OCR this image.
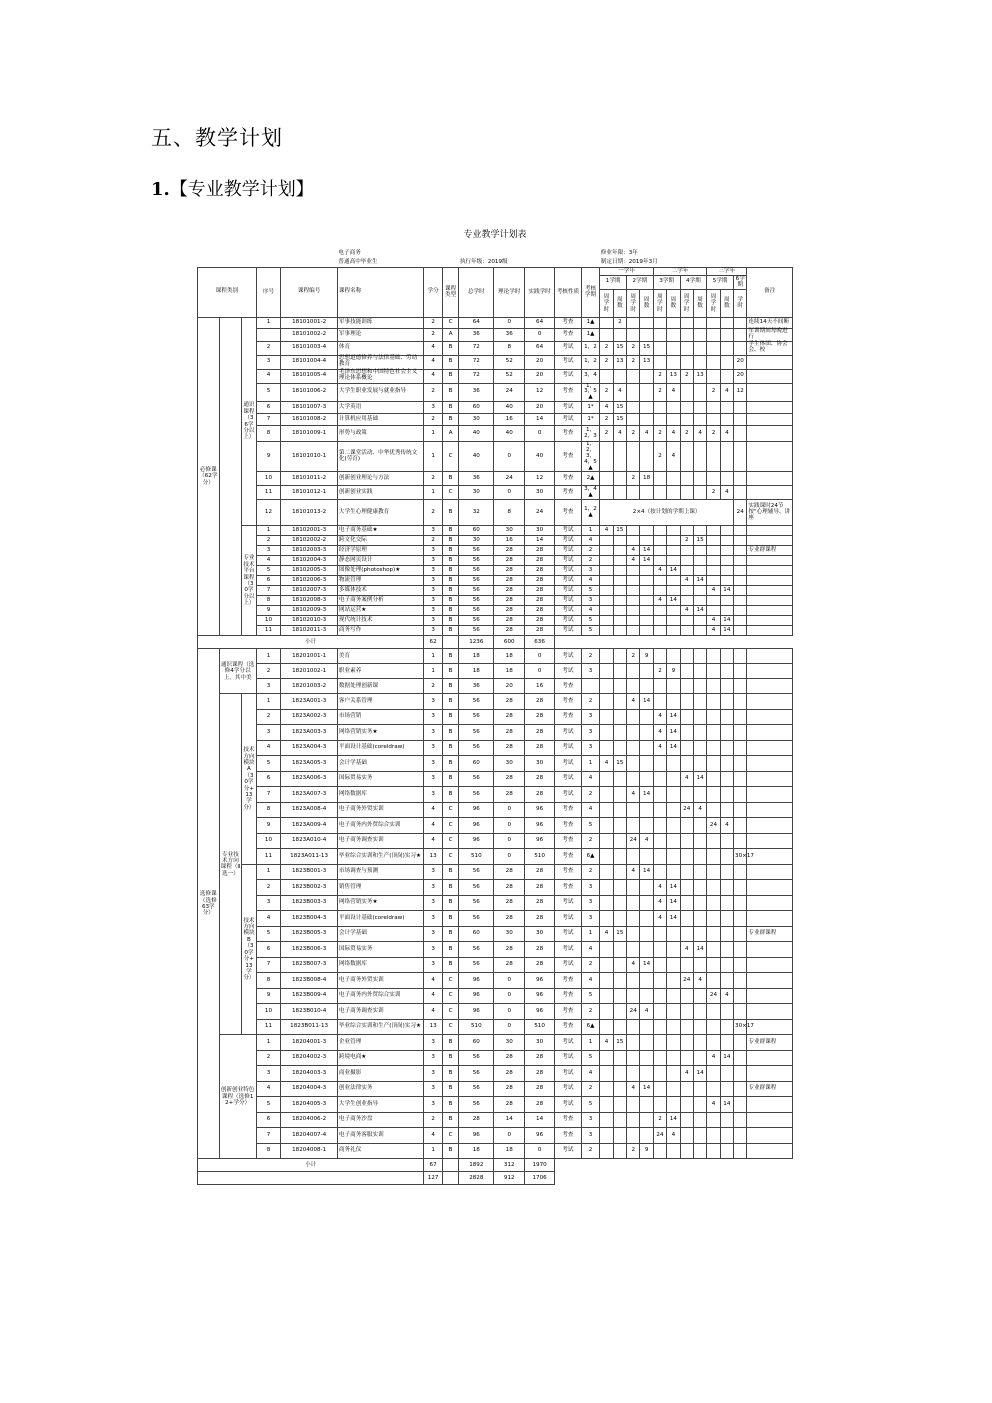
五、教学计划
1.【专业教学计划】
专业教学计划表																								
					电子商务								修业年限：3年											
					普通高中毕业生			执行年级：2019级					制定日期：2019年3月											
课程类别			序号	课程编号	课程名称	学分	课程类型	总学时	理论学时	实践学时	考核性质	考核学期	一学年				二学年				三学年			备注
													1学期		2学期		3学期		4学期		5学期		6学期	
													周学时	周数	周学时	周数	周学时	周数	周学时	周数	周学时	周数	学时	

必修课（62学分）		通识课程（36学分以上）	1	18101001-2	军事技能训练	2	C	64	0	64	考查	1▲		2										连续14天不间断
				18101002-2	军事理论	2	A	36	36	0	考查	1▲												军训期间每晚进行
			2	18101003-4	体育	4	B	72	8	64	考试	1，2	2	15	2	15								学生体团、协会会、校
			3	18101004-4	思想道德修养与法律基础、劳动教育	4	B	72	52	20	考试	1，2	2	13	2	13							20	
			4	18101005-4	毛泽东思想和中国特色社会主义理论体系概论	4	B	72	52	20	考试	3，4					2	13	2	13			20	
			5	18101006-2	大学生职业发展与就业指导	2	B	36	24	12	考查	1，3，5▲	2	4			2	4			2	4	12	
			6	18101007-3	大学英语	3	B	60	40	20	考试	1*	4	15										
			7	18101008-2	计算机应用基础	2	B	30	16	14	考试	1*	2	15										
			8	18101009-1	形势与政策	1	A	40	40	0	考查	1，2，3	2	4	2	4	2	4	2	4	2	4		
			9	18101010-1	第二课堂活动、中华优秀传统文化(劳育)	1	C	40	0	40	考查	1，2，3，4，5▲					2	4						
			10	18101011-2	创新创业理论与方法	2	B	36	24	12	考查	2▲			2	18								
			11	18101012-1	创新创业实践	1	C	30	0	30	考查	3，4▲									2	4		
			12	18101013-2	大学生心理健康教育	2	B	32	8	24	考查	1，2▲	2×4（按计划的学期上课）										24	实践课时24节按"心理辅导、讲座
		专业技术平台课程（30学分以上）	1	18102001-3	电子商务基础★	3	B	60	30	30	考试	1	4	15										
			2	18102002-2	跨文化交际	2	B	30	16	14	考试	4							2	15				
			3	18102003-3	经济学原理	3	B	56	28	28	考试	2			4	14								专业群课程
			4	18102004-3	静态网页设计	3	B	56	28	28	考试	2			4	14								
			5	18102005-3	图像处理(photoshop)★	3	B	56	28	28	考试	3					4	14						
			6	18102006-3	物流管理	3	B	56	28	28	考试	4							4	14				
			7	18102007-3	多媒体技术	3	B	56	28	28	考试	5									4	14		
			8	18102008-3	电子商务案例分析	3	B	56	28	28	考试	3					4	14						
			9	18102009-3	网站运营★	3	B	56	28	28	考试	4							4	14				
			10	18102010-3	现代统计技术	3	B	56	28	28	考试	5									4	14		
			11	18102011-3	商务写作	3	B	56	28	28	考试	5									4	14		
小计						62		1236	600	636														
选修课（选修63学分）	通识课程（选修4学分以上，其中美		1	18201001-1	美育	1	B	18	18	0	考试	2			2	9								
			2	18201002-1	职业素养	1	B	18	18	0	考试	3					2	9						
			3	18201003-2	数据处理创新课	2	B	36	20	16	考查													
	专业技术方向课程（Ⅱ选一）	技术方向模块A（30学分+13学分）	1	1823A001-3	客户关系管理	3	B	56	28	28	考查	2			4	14								
			2	1823A002-3	市场营销	3	B	56	28	28	考查	3					4	14						
			3	1823A003-3	网络营销实务★	3	B	56	28	28	考试	3					4	14						
			4	1823A004-3	平面设计基础(coreldraw)	3	B	56	28	28	考试	3					4	14						
			5	1823A005-3	会计学基础	3	B	60	30	30	考试	1	4	15										
			6	1823A006-3	国际贸易实务	3	B	56	28	28	考试	4							4	14				
			7	1823A007-3	网络数据库	3	B	56	28	28	考试	2			4	14								
			8	1823A008-4	电子商务外贸实训	4	C	96	0	96	考查	4							24	4				
			9	1823A009-4	电子商务内外贸综合实训	4	C	96	0	96	考查	5									24	4		
			10	1823A010-4	电子商务调查实训	4	C	96	0	96	考查	2			24	4								
			11	1823A011-13	毕业综合实训和生产(顶岗)实习★	13	C	510	0	510	考查	6▲											30×17	
		技术方向模块B（30学分+13学分）	1	1823B001-3	市场调查与预测	3	B	56	28	28	考查	2			4	14								
			2	1823B002-3	销售管理	3	B	56	28	28	考查	3					4	14						
			3	1823B003-3	网络营销实务★	3	B	56	28	28	考试	3					4	14						
			4	1823B004-3	平面设计基础(coreldraw)	3	B	56	28	28	考试	3					4	14						
			5	1823B005-3	会计学基础	3	B	60	30	30	考试	1	4	15										专业群课程
			6	1823B006-3	国际贸易实务	3	B	56	28	28	考试	4							4	14				
			7	1823B007-3	网络数据库	3	B	56	28	28	考试	2			4	14								
			8	1823B008-4	电子商务外贸实训	4	C	96	0	96	考查	4							24	4				
			9	1823B009-4	电子商务内外贸综合实训	4	C	96	0	96	考查	5									24	4		
			10	1823B010-4	电子商务调查实训	4	C	96	0	96	考查	2			24	4								
			11	1823B011-13	毕业综合实训和生产(顶岗)实习★	13	C	510	0	510	考查	6▲											30×17	
	创新创业特色课程（选修12+学分）		1	18204001-3	企业管理	3	B	60	30	30	考试	1	4	15										专业群课程
			2	18204002-3	跨境电商★	3	B	56	28	28	考试	5									4	14		
			3	18204003-3	商业摄影	3	B	56	28	28	考试	4							4	14				
			4	18204004-3	创业法律实务	3	B	56	28	28	考试	2			4	14								专业群课程
			5	18204005-3	大学生创业指导	3	B	56	28	28	考试	5									4	14		
			6	18204006-2	电子商务沙盘	2	B	28	14	14	考查	3					2	14						
			7	18204007-4	电子商务客服实训	4	C	96	0	96	考查	3					24	4						
			8	18204008-1	商务礼仪	1	B	18	18	0	考试	2			2	9								
小计						67		1892	312	1970														
						127		2828	912	1706														
